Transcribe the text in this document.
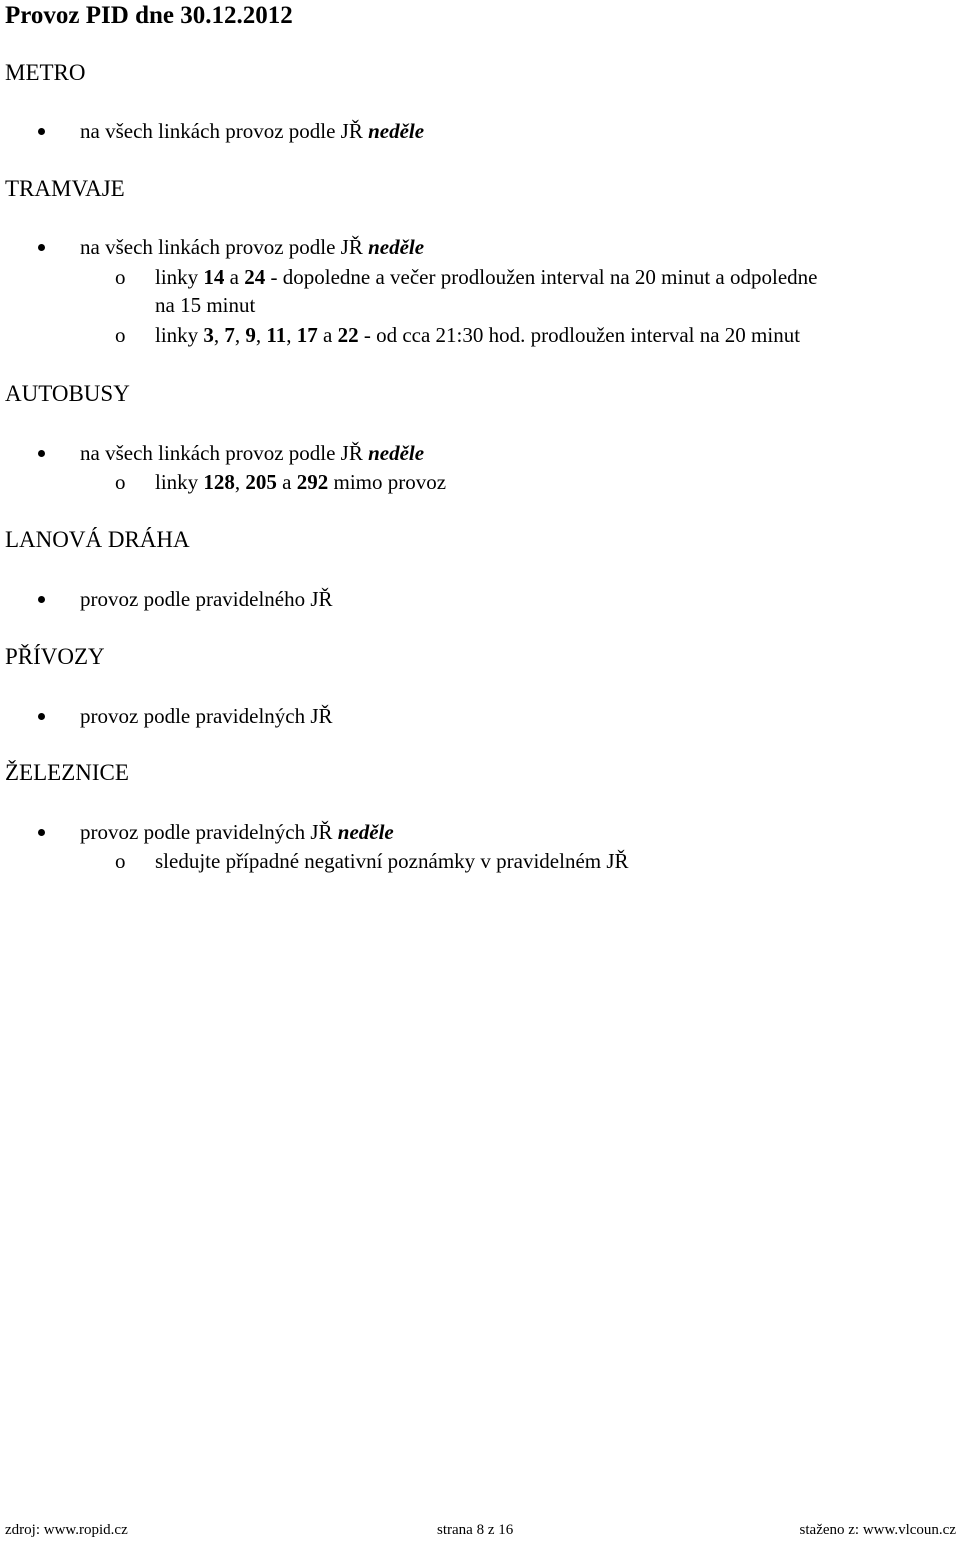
Provoz PID dne 30.12.2012
METRO
na všech linkách provoz podle JŘ neděle
TRAMVAJE
na všech linkách provoz podle JŘ neděle
o linky 14 a 24 - dopoledne a večer prodloužen interval na 20 minut a odpoledne
na 15 minut
o linky 3, 7, 9, 11, 17 a 22 - od cca 21:30 hod. prodloužen interval na 20 minut
AUTOBUSY
na všech linkách provoz podle JŘ neděle
o linky 128, 205 a 292 mimo provoz
LANOVÁ DRÁHA
provoz podle pravidelného JŘ
PŘÍVOZY
provoz podle pravidelných JŘ
ŽELEZNICE
provoz podle pravidelných JŘ neděle
o sledujte případné negativní poznámky v pravidelném JŘ
zdroj: www.ropid.cz	strana 8 z 16	staženo z: www.vlcoun.cz
